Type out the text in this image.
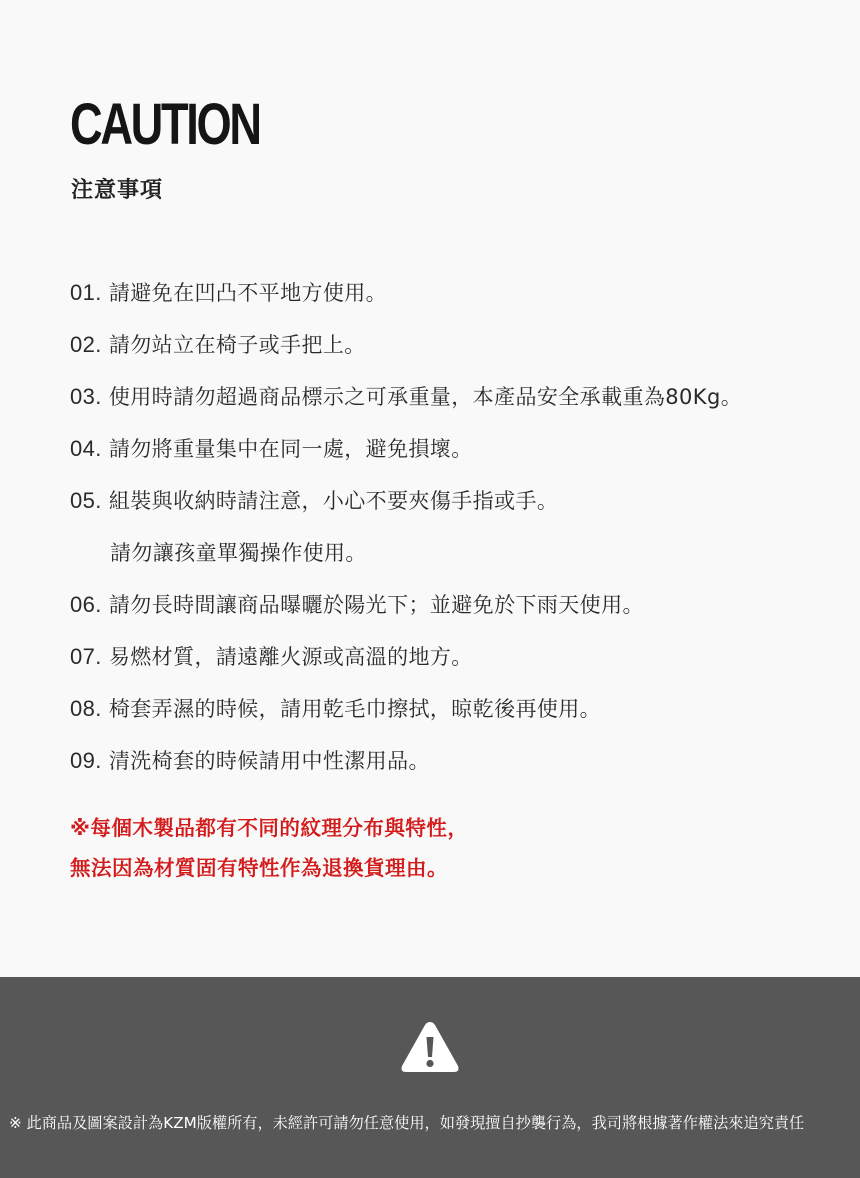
CAUTION
注意事項
01. 請避免在凹凸不平地方使用。
02. 請勿站立在椅子或手把上。
03. 使用時請勿超過商品標示之可承重量，本產品安全承載重為80Kg。
04. 請勿將重量集中在同一處，避免損壞。
05. 組裝與收納時請注意，小心不要夾傷手指或手。
請勿讓孩童單獨操作使用。
06. 請勿長時間讓商品曝曬於陽光下；並避免於下雨天使用。
07. 易燃材質，請遠離火源或高溫的地方。
08. 椅套弄濕的時候，請用乾毛巾擦拭，晾乾後再使用。
09. 清洗椅套的時候請用中性潔用品。
※每個木製品都有不同的紋理分布與特性，
無法因為材質固有特性作為退換貨理由。
※ 此商品及圖案設計為KZM版權所有，未經許可請勿任意使用，如發現擅自抄襲行為，我司將根據著作權法來追究責任
